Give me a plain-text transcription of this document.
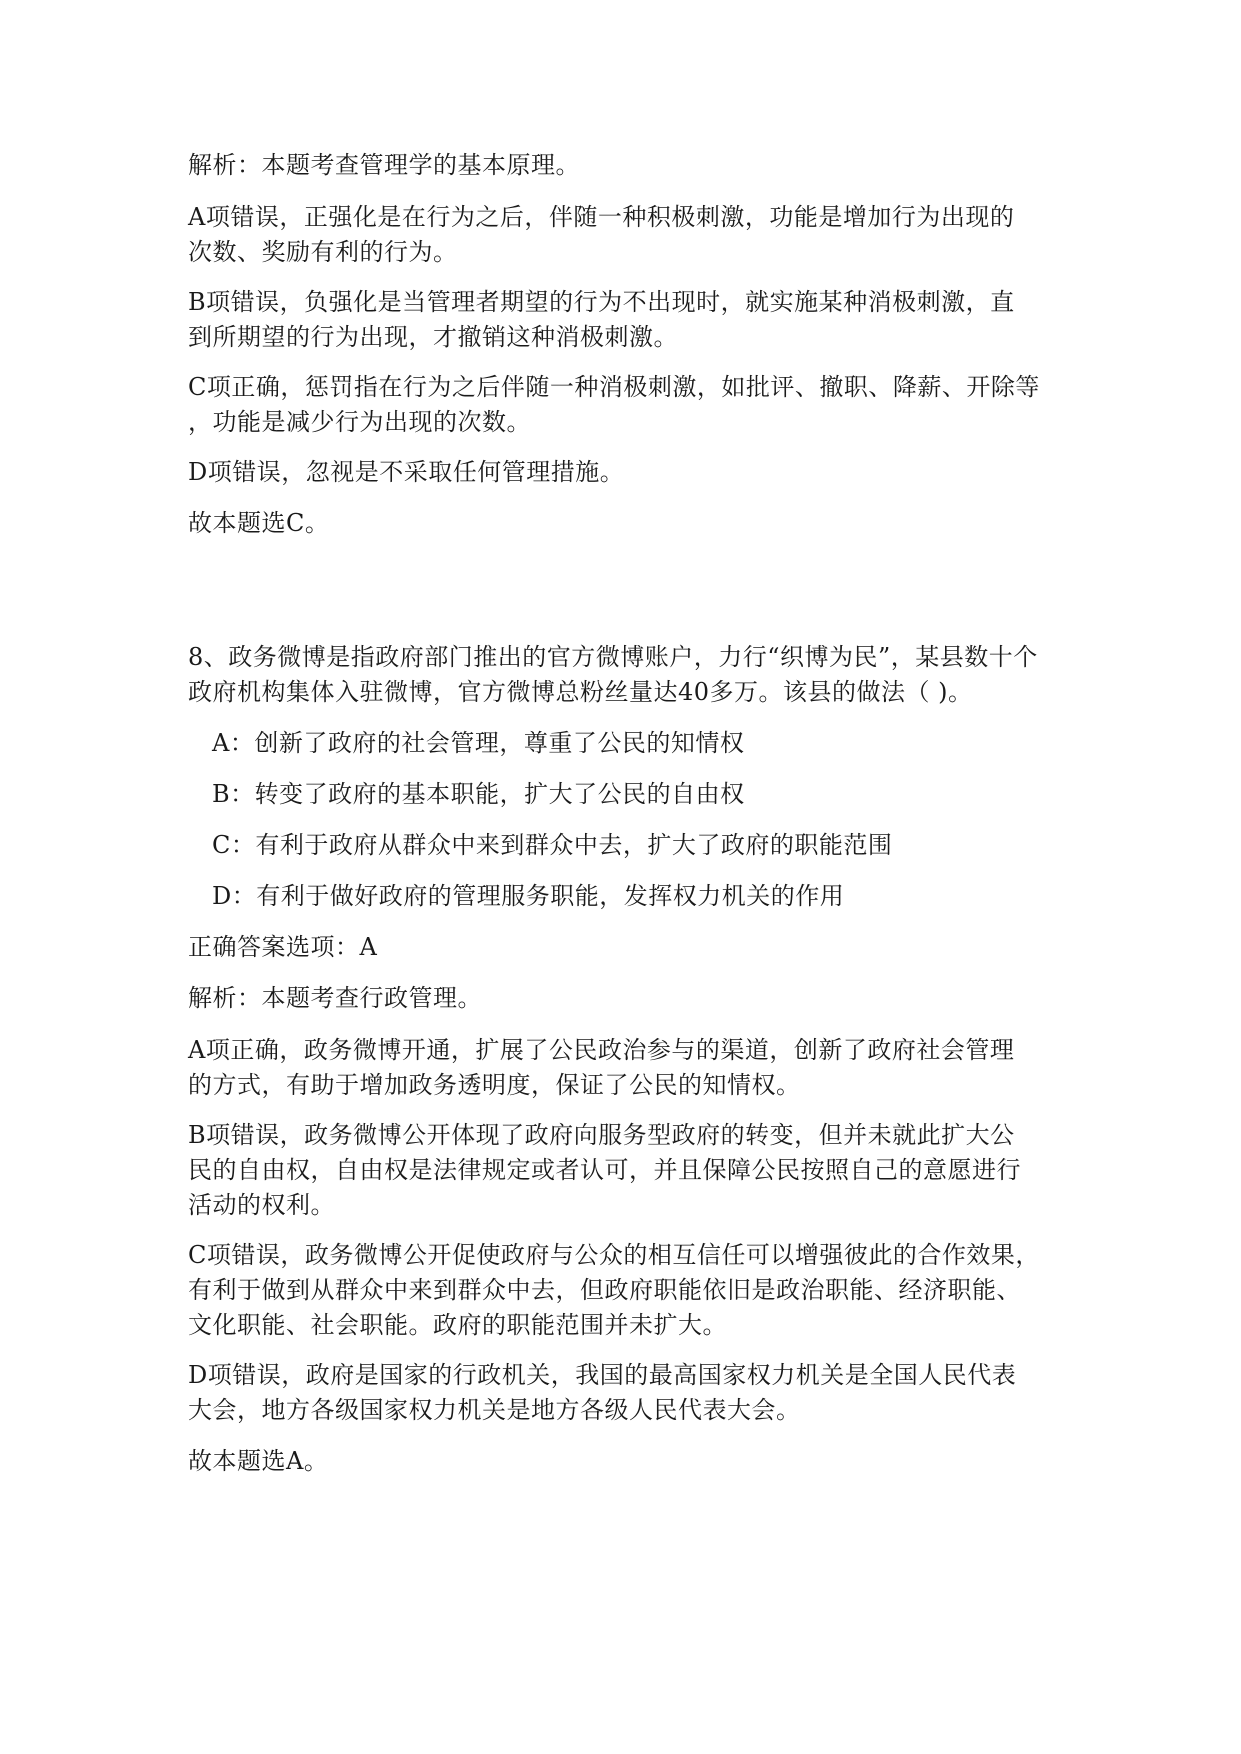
解析：本题考查管理学的基本原理。

A项错误，正强化是在行为之后，伴随一种积极刺激，功能是增加行为出现的
次数、奖励有利的行为。

B项错误，负强化是当管理者期望的行为不出现时，就实施某种消极刺激，直
到所期望的行为出现，才撤销这种消极刺激。

C项正确，惩罚指在行为之后伴随一种消极刺激，如批评、撤职、降薪、开除等
，功能是减少行为出现的次数。

D项错误，忽视是不采取任何管理措施。

故本题选C。

8、政务微博是指政府部门推出的官方微博账户，力行“织博为民”，某县数十个
政府机构集体入驻微博，官方微博总粉丝量达40多万。该县的做法（ )。

A：创新了政府的社会管理，尊重了公民的知情权

B：转变了政府的基本职能，扩大了公民的自由权

C：有利于政府从群众中来到群众中去，扩大了政府的职能范围

D：有利于做好政府的管理服务职能，发挥权力机关的作用

正确答案选项：A

解析：本题考查行政管理。

A项正确，政务微博开通，扩展了公民政治参与的渠道，创新了政府社会管理
的方式，有助于增加政务透明度，保证了公民的知情权。

B项错误，政务微博公开体现了政府向服务型政府的转变，但并未就此扩大公
民的自由权，自由权是法律规定或者认可，并且保障公民按照自己的意愿进行
活动的权利。

C项错误，政务微博公开促使政府与公众的相互信任可以增强彼此的合作效果，
有利于做到从群众中来到群众中去，但政府职能依旧是政治职能、经济职能、
文化职能、社会职能。政府的职能范围并未扩大。

D项错误，政府是国家的行政机关，我国的最高国家权力机关是全国人民代表
大会，地方各级国家权力机关是地方各级人民代表大会。

故本题选A。
